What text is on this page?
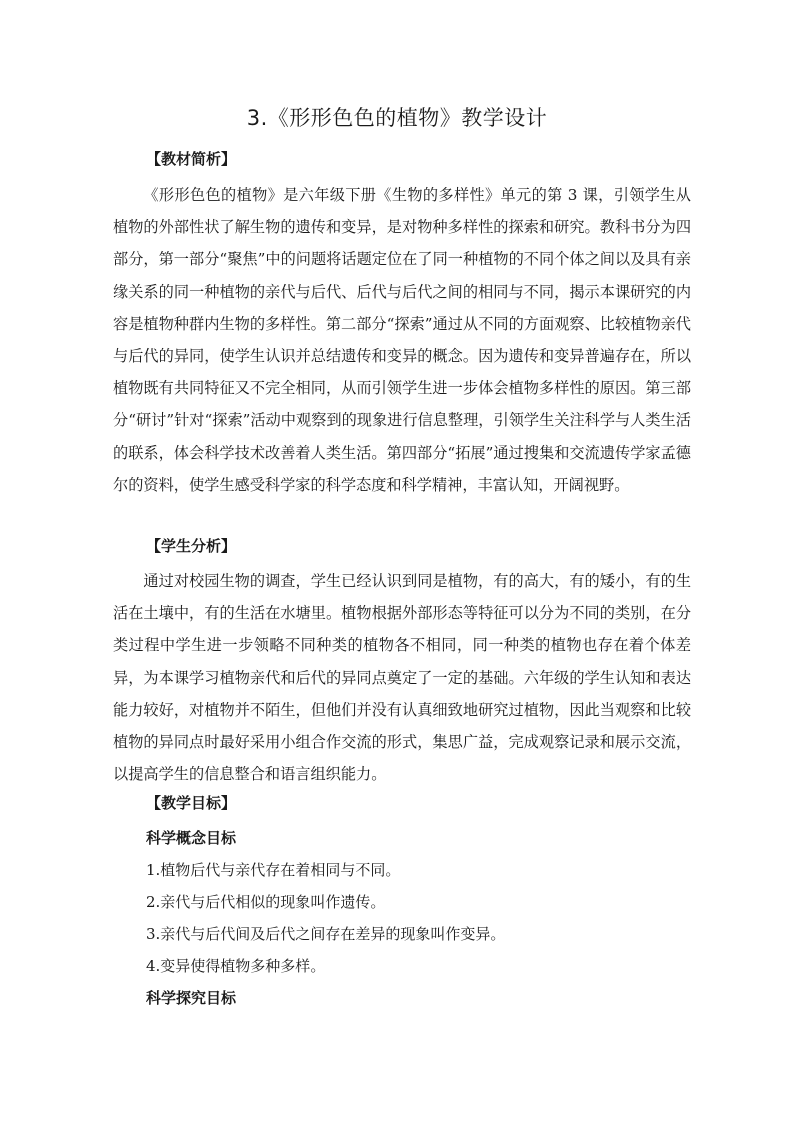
3.《形形色色的植物》教学设计
【教材简析】

《形形色色的植物》是六年级下册《生物的多样性》单元的第 3 课，引领学生从植物的外部性状了解生物的遗传和变异，是对物种多样性的探索和研究。教科书分为四部分，第一部分“聚焦”中的问题将话题定位在了同一种植物的不同个体之间以及具有亲缘关系的同一种植物的亲代与后代、后代与后代之间的相同与不同，揭示本课研究的内容是植物种群内生物的多样性。第二部分“探索”通过从不同的方面观察、比较植物亲代与后代的异同，使学生认识并总结遗传和变异的概念。因为遗传和变异普遍存在，所以植物既有共同特征又不完全相同，从而引领学生进一步体会植物多样性的原因。第三部分“研讨”针对“探索”活动中观察到的现象进行信息整理，引领学生关注科学与人类生活的联系，体会科学技术改善着人类生活。第四部分“拓展”通过搜集和交流遗传学家孟德尔的资料，使学生感受科学家的科学态度和科学精神，丰富认知，开阔视野。

【学生分析】

通过对校园生物的调查，学生已经认识到同是植物，有的高大，有的矮小，有的生活在土壤中，有的生活在水塘里。植物根据外部形态等特征可以分为不同的类别，在分类过程中学生进一步领略不同种类的植物各不相同，同一种类的植物也存在着个体差异，为本课学习植物亲代和后代的异同点奠定了一定的基础。六年级的学生认知和表达能力较好，对植物并不陌生，但他们并没有认真细致地研究过植物，因此当观察和比较植物的异同点时最好采用小组合作交流的形式，集思广益，完成观察记录和展示交流，以提高学生的信息整合和语言组织能力。

【教学目标】
科学概念目标
1.植物后代与亲代存在着相同与不同。
2.亲代与后代相似的现象叫作遗传。
3.亲代与后代间及后代之间存在差异的现象叫作变异。
4.变异使得植物多种多样。
科学探究目标
